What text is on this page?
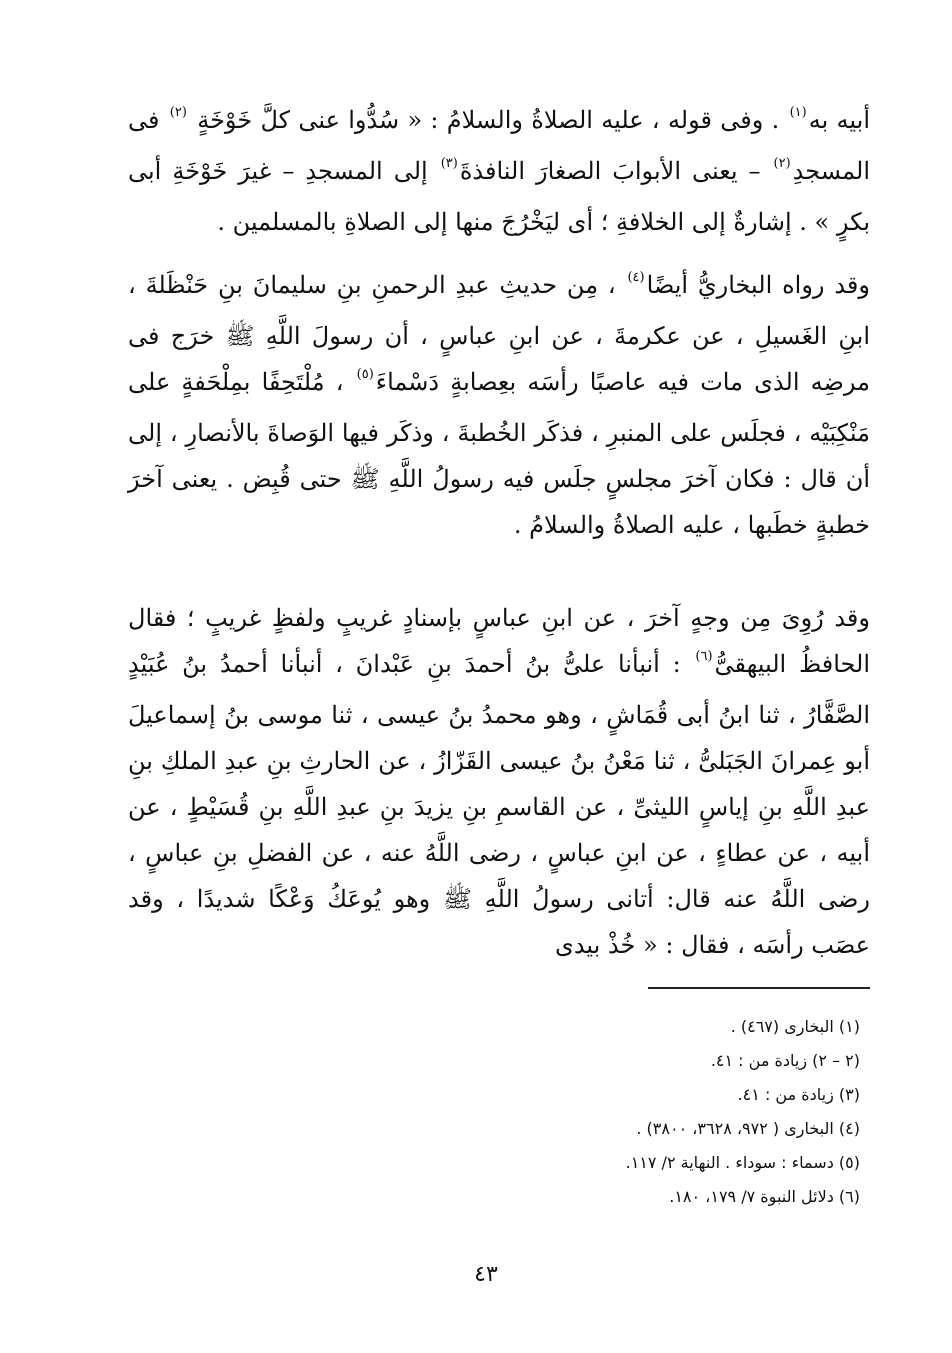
أبيه به$^{(١)}$ . وفى قوله ، عليه الصلاةُ والسلامُ : « سُدُّوا عنى كلَّ خَوْخَةٍ $^{(٢)}$ فى المسجدِ$^{(٢)}$ – يعنى الأبوابَ الصغارَ النافذةَ$^{(٣)}$ إلى المسجدِ – غيرَ خَوْخَةِ أبى بكرٍ » . إشارةٌ إلى الخلافةِ ؛ أى ليَخْرُجَ منها إلى الصلاةِ بالمسلمين .

وقد رواه البخاريُّ أيضًا$^{(٤)}$ ، مِن حديثِ عبدِ الرحمنِ بنِ سليمانَ بنِ حَنْظَلةَ ، ابنِ الغَسيلِ ، عن عكرمةَ ، عن ابنِ عباسٍ ، أن رسولَ اللَّهِ ﷺ خرَج فى مرضِه الذى مات فيه عاصبًا رأسَه بعِصابةٍ دَسْماءَ$^{(٥)}$ ، مُلْتَحِفًا بمِلْحَفةٍ على مَنْكِبَيْه ، فجلَس على المنبرِ ، فذكَر الخُطبةَ ، وذكَر فيها الوَصاةَ بالأنصارِ ، إلى أن قال : فكان آخرَ مجلسٍ جلَس فيه رسولُ اللَّهِ ﷺ حتى قُبِض . يعنى آخرَ خطبةٍ خطَبها ، عليه الصلاةُ والسلامُ .

وقد رُوِىَ مِن وجهٍ آخرَ ، عن ابنِ عباسٍ بإسنادٍ غريبٍ ولفظٍ غريبٍ ؛ فقال الحافظُ البيهقىُّ$^{(٦)}$ : أنبأنا علىُّ بنُ أحمدَ بنِ عَبْدانَ ، أنبأنا أحمدُ بنُ عُبَيْدٍ الصَّفَّارُ ، ثنا ابنُ أبى قُمَاشٍ ، وهو محمدُ بنُ عيسى ، ثنا موسى بنُ إسماعيلَ أبو عِمرانَ الجَبَلىُّ ، ثنا مَعْنُ بنُ عيسى القَزّازُ ، عن الحارثِ بنِ عبدِ الملكِ بنِ عبدِ اللَّهِ بنِ إياسٍ الليثىِّ ، عن القاسمِ بنِ يزيدَ بنِ عبدِ اللَّهِ بنِ قُسَيْطٍ ، عن أبيه ، عن عطاءٍ ، عن ابنِ عباسٍ ، رضى اللَّهُ عنه ، عن الفضلِ بنِ عباسٍ ، رضى اللَّهُ عنه قال: أتانى رسولُ اللَّهِ ﷺ وهو يُوعَكُ وَعْكًا شديدًا ، وقد عصَب رأسَه ، فقال : « خُذْ بيدى

(١) البخارى (٤٦٧) .
(٢ – ٢) زيادة من : ٤١.
(٣) زيادة من : ٤١.
(٤) البخارى ( ٩٧٢، ٣٦٢٨، ٣٨٠٠) .
(٥) دسماء : سوداء . النهاية ٢/ ١١٧.
(٦) دلائل النبوة ٧/ ١٧٩، ١٨٠.
٤٣
